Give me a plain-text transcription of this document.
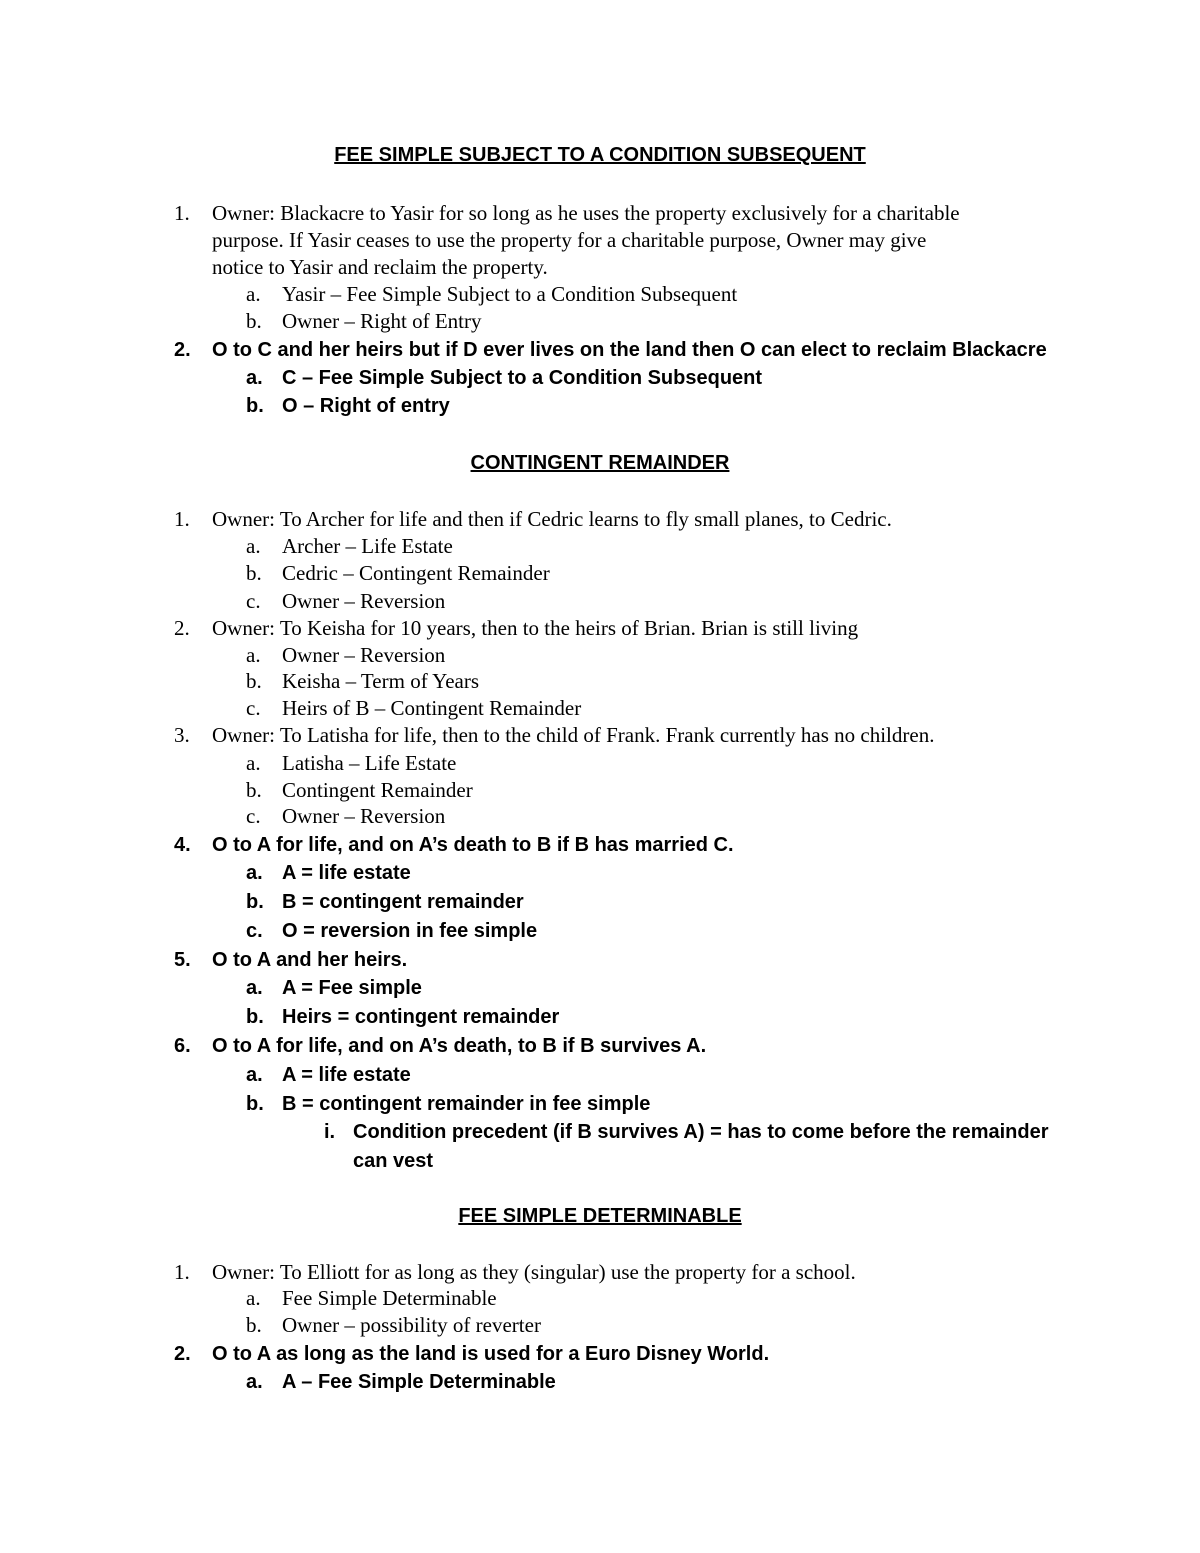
FEE SIMPLE SUBJECT TO A CONDITION SUBSEQUENT
1. Owner: Blackacre to Yasir for so long as he uses the property exclusively for a charitable
purpose. If Yasir ceases to use the property for a charitable purpose, Owner may give
notice to Yasir and reclaim the property.
a. Yasir – Fee Simple Subject to a Condition Subsequent
b. Owner – Right of Entry
2. O to C and her heirs but if D ever lives on the land then O can elect to reclaim Blackacre
a. C – Fee Simple Subject to a Condition Subsequent
b. O – Right of entry
CONTINGENT REMAINDER
1. Owner: To Archer for life and then if Cedric learns to fly small planes, to Cedric.
a. Archer – Life Estate
b. Cedric – Contingent Remainder
c. Owner – Reversion
2. Owner: To Keisha for 10 years, then to the heirs of Brian. Brian is still living
a. Owner – Reversion
b. Keisha – Term of Years
c. Heirs of B – Contingent Remainder
3. Owner: To Latisha for life, then to the child of Frank. Frank currently has no children.
a. Latisha – Life Estate
b. Contingent Remainder
c. Owner – Reversion
4. O to A for life, and on A’s death to B if B has married C.
a. A = life estate
b. B = contingent remainder
c. O = reversion in fee simple
5. O to A and her heirs.
a. A = Fee simple
b. Heirs = contingent remainder
6. O to A for life, and on A’s death, to B if B survives A.
a. A = life estate
b. B = contingent remainder in fee simple
i. Condition precedent (if B survives A) = has to come before the remainder
can vest
FEE SIMPLE DETERMINABLE
1. Owner: To Elliott for as long as they (singular) use the property for a school.
a. Fee Simple Determinable
b. Owner – possibility of reverter
2. O to A as long as the land is used for a Euro Disney World.
a. A – Fee Simple Determinable
